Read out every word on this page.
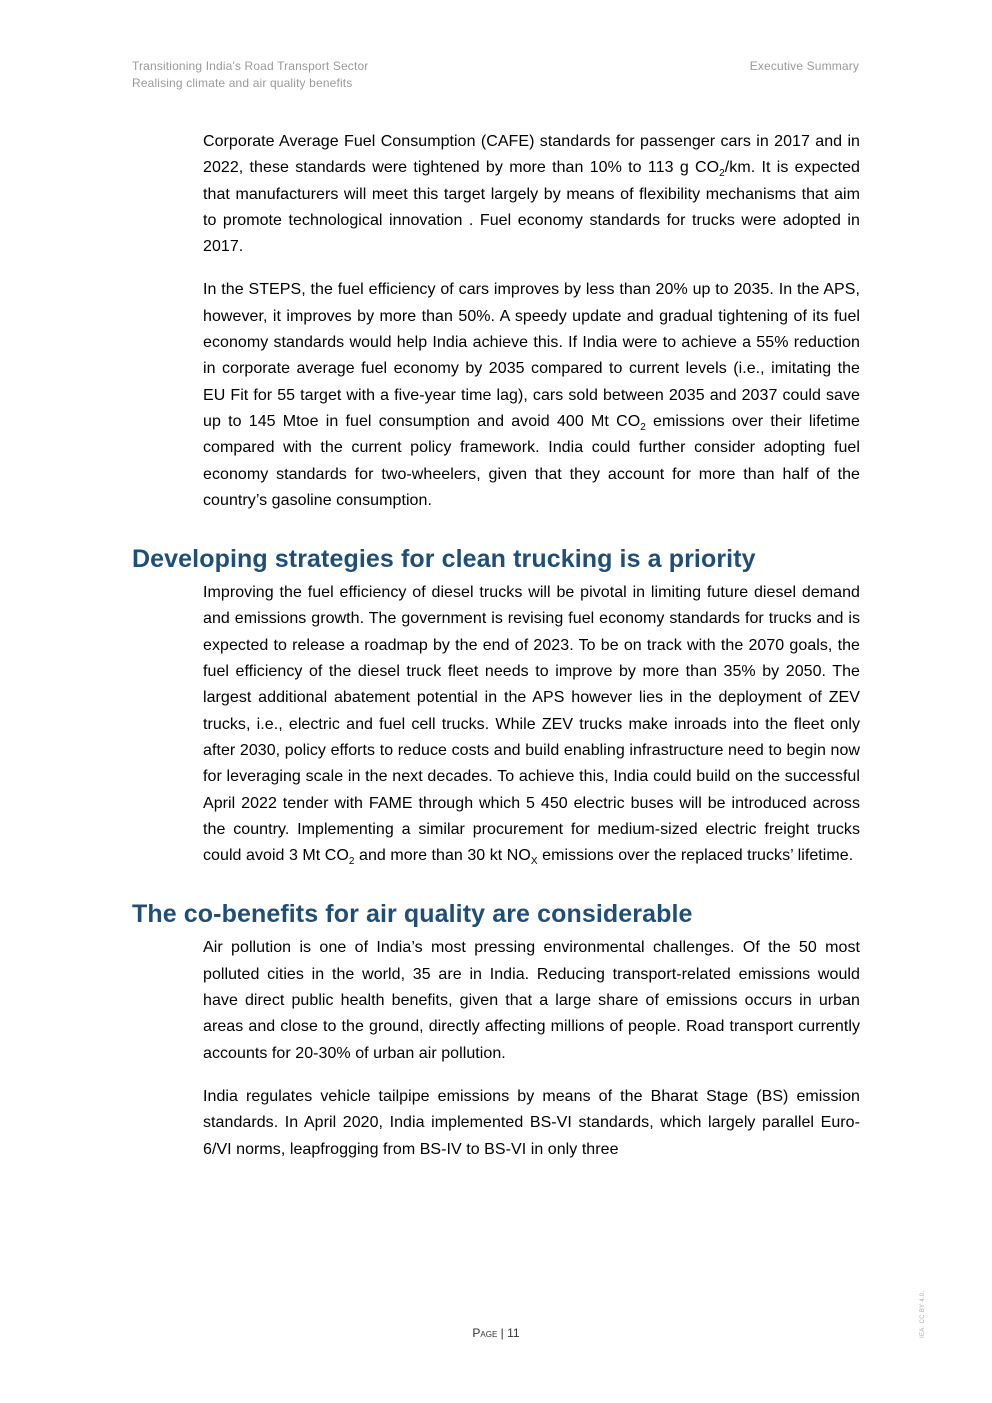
Transitioning India's Road Transport Sector
Realising climate and air quality benefits
Executive Summary

Corporate Average Fuel Consumption (CAFE) standards for passenger cars in 2017 and in 2022, these standards were tightened by more than 10% to 113 g $CO_2/km$. It is expected that manufacturers will meet this target largely by means of flexibility mechanisms that aim to promote technological innovation . Fuel economy standards for trucks were adopted in 2017.

In the STEPS, the fuel efficiency of cars improves by less than 20% up to 2035. In the APS, however, it improves by more than 50%. A speedy update and gradual tightening of its fuel economy standards would help India achieve this. If India were to achieve a 55% reduction in corporate average fuel economy by 2035 compared to current levels (i.e., imitating the EU Fit for 55 target with a five-year time lag), cars sold between 2035 and 2037 could save up to 145 Mtoe in fuel consumption and avoid 400 Mt $CO_2$ emissions over their lifetime compared with the current policy framework. India could further consider adopting fuel economy standards for two-wheelers, given that they account for more than half of the country’s gasoline consumption.

Developing strategies for clean trucking is a priority

Improving the fuel efficiency of diesel trucks will be pivotal in limiting future diesel demand and emissions growth. The government is revising fuel economy standards for trucks and is expected to release a roadmap by the end of 2023. To be on track with the 2070 goals, the fuel efficiency of the diesel truck fleet needs to improve by more than 35% by 2050. The largest additional abatement potential in the APS however lies in the deployment of ZEV trucks, i.e., electric and fuel cell trucks. While ZEV trucks make inroads into the fleet only after 2030, policy efforts to reduce costs and build enabling infrastructure need to begin now for leveraging scale in the next decades. To achieve this, India could build on the successful April 2022 tender with FAME through which 5 450 electric buses will be introduced across the country. Implementing a similar procurement for medium-sized electric freight trucks could avoid 3 Mt $CO_2$ and more than 30 kt $NO_X$ emissions over the replaced trucks’ lifetime.

The co-benefits for air quality are considerable

Air pollution is one of India’s most pressing environmental challenges. Of the 50 most polluted cities in the world, 35 are in India. Reducing transport-related emissions would have direct public health benefits, given that a large share of emissions occurs in urban areas and close to the ground, directly affecting millions of people. Road transport currently accounts for 20-30% of urban air pollution.

India regulates vehicle tailpipe emissions by means of the Bharat Stage (BS) emission standards. In April 2020, India implemented BS-VI standards, which largely parallel Euro-6/VI norms, leapfrogging from BS-IV to BS-VI in only three

Page | 11	IEA. CC BY 4.0.
